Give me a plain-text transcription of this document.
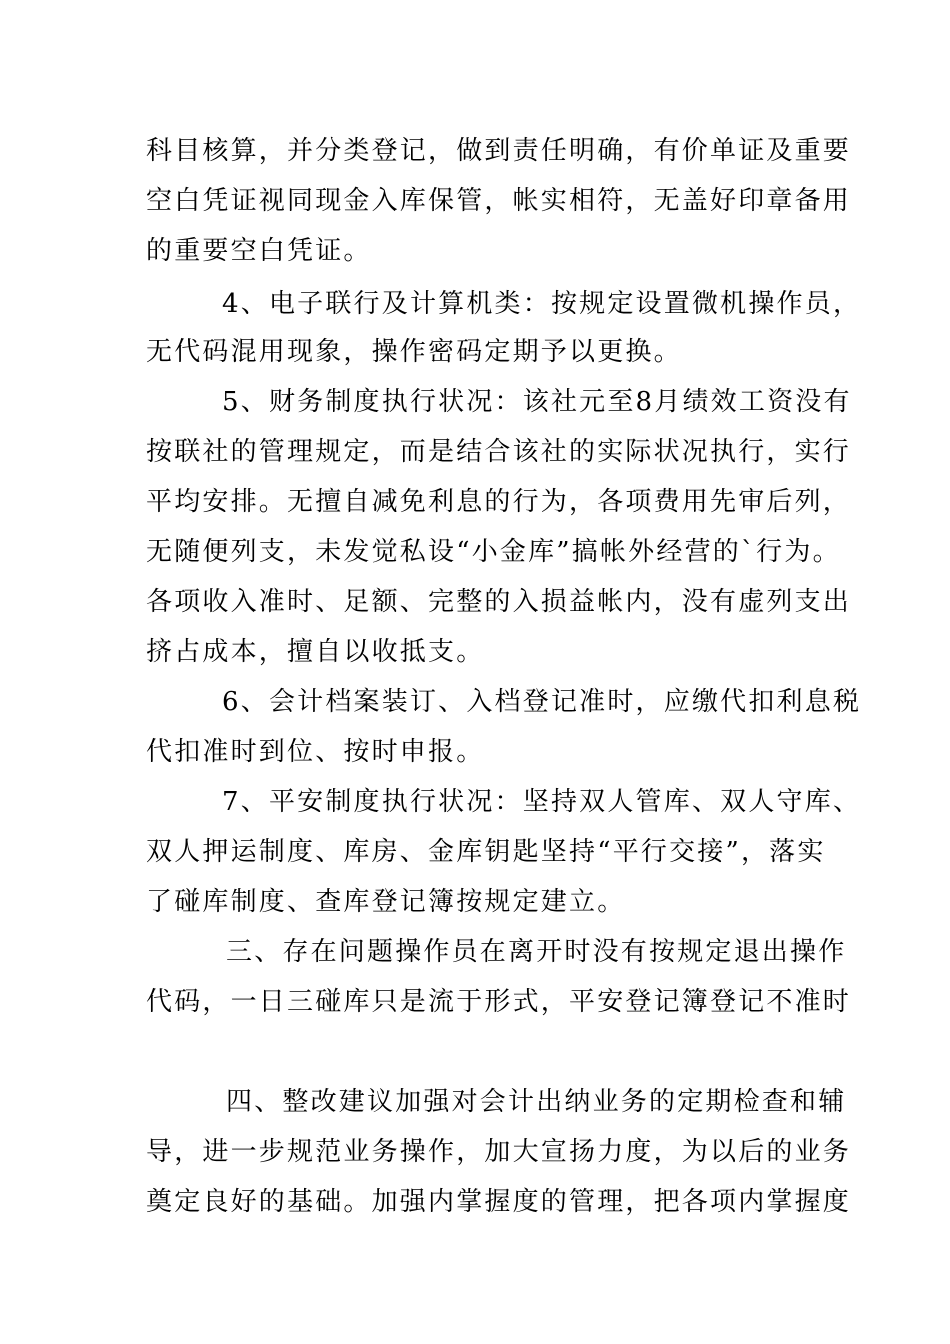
科目核算，并分类登记，做到责任明确，有价单证及重要
空白凭证视同现金入库保管，帐实相符，无盖好印章备用
的重要空白凭证。
4、电子联行及计算机类：按规定设置微机操作员，
无代码混用现象，操作密码定期予以更换。
5、财务制度执行状况：该社元至8月绩效工资没有
按联社的管理规定，而是结合该社的实际状况执行，实行
平均安排。无擅自减免利息的行为，各项费用先审后列，
无随便列支，未发觉私设“小金库”搞帐外经营的`行为。
各项收入准时、足额、完整的入损益帐内，没有虚列支出
挤占成本，擅自以收抵支。
6、会计档案装订、入档登记准时，应缴代扣利息税
代扣准时到位、按时申报。
7、平安制度执行状况：坚持双人管库、双人守库、
双人押运制度、库房、金库钥匙坚持“平行交接”，落实
了碰库制度、查库登记簿按规定建立。
三、存在问题操作员在离开时没有按规定退出操作
代码，一日三碰库只是流于形式，平安登记簿登记不准时
四、整改建议加强对会计出纳业务的定期检查和辅
导，进一步规范业务操作，加大宣扬力度，为以后的业务
奠定良好的基础。加强内掌握度的管理，把各项内掌握度
